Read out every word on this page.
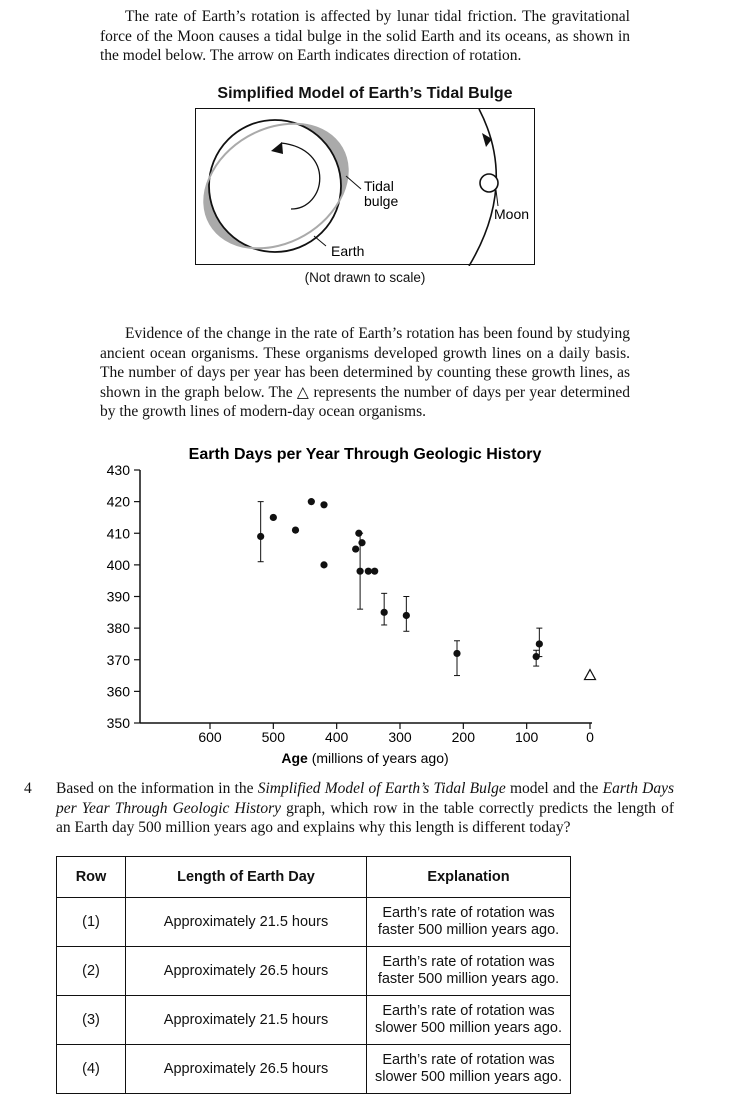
The rate of Earth’s rotation is affected by lunar tidal friction. The gravitational force of the Moon causes a tidal bulge in the solid Earth and its oceans, as shown in the model below. The arrow on Earth indicates direction of rotation.
Simplified Model of Earth’s Tidal Bulge
Tidal
bulge
Moon
Earth
(Not drawn to scale)
Evidence of the change in the rate of Earth’s rotation has been found by studying ancient ocean organisms. These organisms developed growth lines on a daily basis. The number of days per year has been determined by counting these growth lines, as shown in the graph below. The △ represents the number of days per year determined by the growth lines of modern-day ocean organisms.
Earth Days per Year Through Geologic History
430
420
410
400
390
380
370
360
350
600	500	400	300	200	100	0
Age (millions of years ago)
4 Based on the information in the Simplified Model of Earth’s Tidal Bulge model and the Earth Days per Year Through Geologic History graph, which row in the table correctly predicts the length of an Earth day 500 million years ago and explains why this length is different today?
Row	Length of Earth Day	Explanation
(1)	Approximately 21.5 hours	Earth’s rate of rotation was
faster 500 million years ago.
(2)	Approximately 26.5 hours	Earth’s rate of rotation was
faster 500 million years ago.
(3)	Approximately 21.5 hours	Earth’s rate of rotation was
slower 500 million years ago.
(4)	Approximately 26.5 hours	Earth’s rate of rotation was
slower 500 million years ago.
